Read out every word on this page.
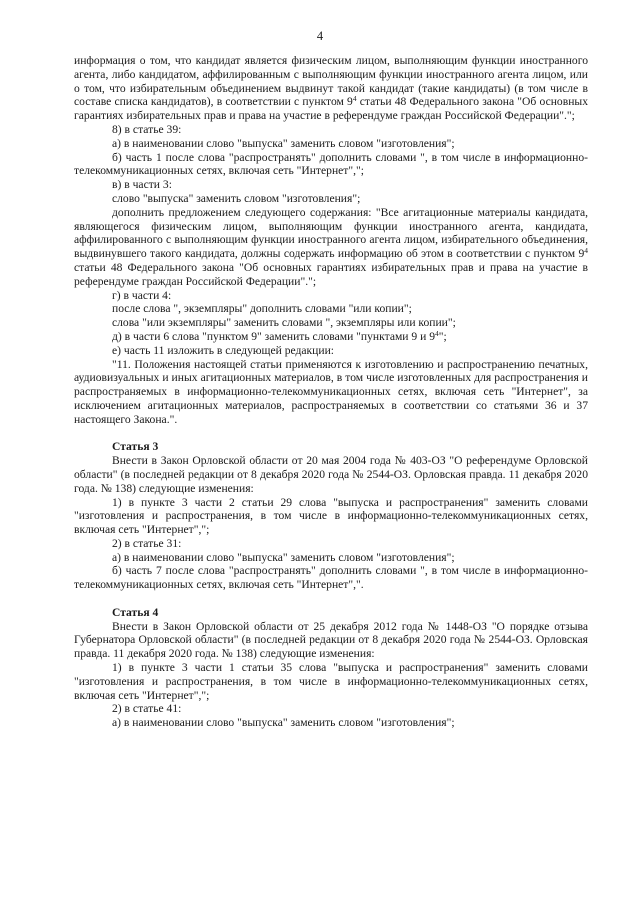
4

информация о том, что кандидат является физическим лицом, выполняющим функции иностранного агента, либо кандидатом, аффилированным с выполняющим функции иностранного агента лицом, или о том, что избирательным объединением выдвинут такой кандидат (такие кандидаты) (в том числе в составе списка кандидатов), в соответствии с пунктом $9^4$ статьи 48 Федерального закона "Об основных гарантиях избирательных прав и права на участие в референдуме граждан Российской Федерации".";

8) в статье 39:

а) в наименовании слово "выпуска" заменить словом "изготовления";

б) часть 1 после слова "распространять" дополнить словами ", в том числе в информационно-телекоммуникационных сетях, включая сеть "Интернет",";

в) в части 3:

слово "выпуска" заменить словом "изготовления";

дополнить предложением следующего содержания: "Все агитационные материалы кандидата, являющегося физическим лицом, выполняющим функции иностранного агента, кандидата, аффилированного с выполняющим функции иностранного агента лицом, избирательного объединения, выдвинувшего такого кандидата, должны содержать информацию об этом в соответствии с пунктом $9^4$ статьи 48 Федерального закона "Об основных гарантиях избирательных прав и права на участие в референдуме граждан Российской Федерации".";

г) в части 4:

после слова ", экземпляры" дополнить словами "или копии";

слова "или экземпляры" заменить словами ", экземпляры или копии";

д) в части 6 слова "пунктом 9" заменить словами "пунктами 9 и $9^4$";

е) часть 11 изложить в следующей редакции:

"11. Положения настоящей статьи применяются к изготовлению и распространению печатных, аудиовизуальных и иных агитационных материалов, в том числе изготовленных для распространения и распространяемых в информационно-телекоммуникационных сетях, включая сеть "Интернет", за исключением агитационных материалов, распространяемых в соответствии со статьями 36 и 37 настоящего Закона.".

Статья 3

Внести в Закон Орловской области от 20 мая 2004 года № 403-ОЗ "О референдуме Орловской области" (в последней редакции от 8 декабря 2020 года № 2544-ОЗ. Орловская правда. 11 декабря 2020 года. № 138) следующие изменения:

1) в пункте 3 части 2 статьи 29 слова "выпуска и распространения" заменить словами "изготовления и распространения, в том числе в информационно-телекоммуникационных сетях, включая сеть "Интернет",";

2) в статье 31:

а) в наименовании слово "выпуска" заменить словом "изготовления";

б) часть 7 после слова "распространять" дополнить словами ", в том числе в информационно-телекоммуникационных сетях, включая сеть "Интернет",".

Статья 4

Внести в Закон Орловской области от 25 декабря 2012 года № 1448-ОЗ "О порядке отзыва Губернатора Орловской области" (в последней редакции от 8 декабря 2020 года № 2544-ОЗ. Орловская правда. 11 декабря 2020 года. № 138) следующие изменения:

1) в пункте 3 части 1 статьи 35 слова "выпуска и распространения" заменить словами "изготовления и распространения, в том числе в информационно-телекоммуникационных сетях, включая сеть "Интернет",";

2) в статье 41:

а) в наименовании слово "выпуска" заменить словом "изготовления";
